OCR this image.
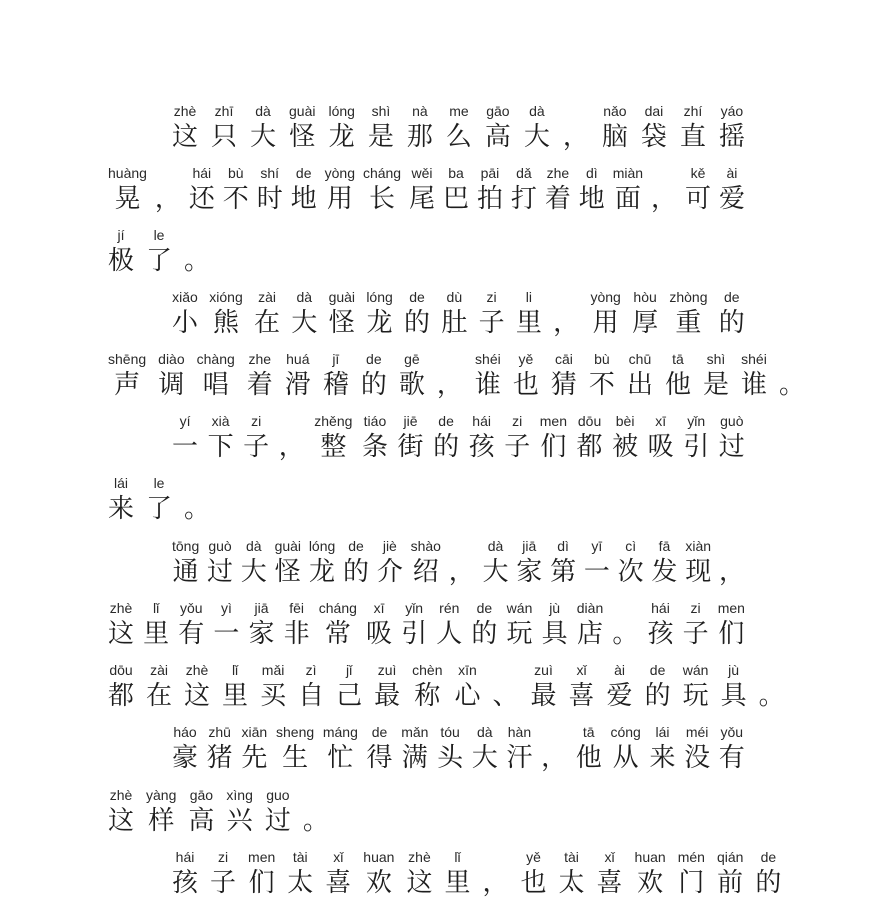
zhè
这
zhī
只
dà
大
guài
怪
lóng
龙
shì
是
nà
那
me
么
gāo
高
dà
大 ，
nǎo
脑
dai
袋
zhí
直
yáo
摇
huàng
晃 ，
hái
还
bù
不
shí
时
de
地
yòng
用
cháng
长
wěi
尾
ba
巴
pāi
拍
dǎ
打
zhe
着
dì
地
miàn
面 ，
kě
可
ài
爱
jí
极
le
了 。
xiǎo
小
xióng
熊
zài
在
dà
大
guài
怪
lóng
龙
de
的
dù
肚
zi
子
li
里 ，
yòng
用
hòu
厚
zhòng
重
de
的
shēng
声
diào
调
chàng
唱
zhe
着
huá
滑
jī
稽
de
的
gē
歌 ，
shéi
谁
yě
也
cāi
猜
bù
不
chū
出
tā
他
shì
是
shéi
谁 。
yí
一
xià
下
zi
子 ，
zhěng
整
tiáo
条
jiē
街
de
的
hái
孩
zi
子
men
们
dōu
都
bèi
被
xī
吸
yǐn
引
guò
过
lái
来
le
了 。
tōng
通
guò
过
dà
大
guài
怪
lóng
龙
de
的
jiè
介
shào
绍 ，
dà
大
jiā
家
dì
第
yī
一
cì
次
fā
发
xiàn
现 ，
zhè
这
lǐ
里
yǒu
有
yì
一
jiā
家
fēi
非
cháng
常
xī
吸
yǐn
引
rén
人
de
的
wán
玩
jù
具
diàn
店 。
hái
孩
zi
子
men
们
dōu
都
zài
在
zhè
这
lǐ
里
mǎi
买
zì
自
jǐ
己
zuì
最
chèn
称
xīn
心 、
zuì
最
xǐ
喜
ài
爱
de
的
wán
玩
jù
具 。
háo
豪
zhū
猪
xiān
先
sheng
生
máng
忙
de
得
mǎn
满
tóu
头
dà
大
hàn
汗 ，
tā
他
cóng
从
lái
来
méi
没
yǒu
有
zhè
这
yàng
样
gāo
高
xìng
兴
guo
过 。
hái
孩
zi
子
men
们
tài
太
xǐ
喜
huan
欢
zhè
这
lǐ
里 ，
yě
也
tài
太
xǐ
喜
huan
欢
mén
门
qián
前
de
的
